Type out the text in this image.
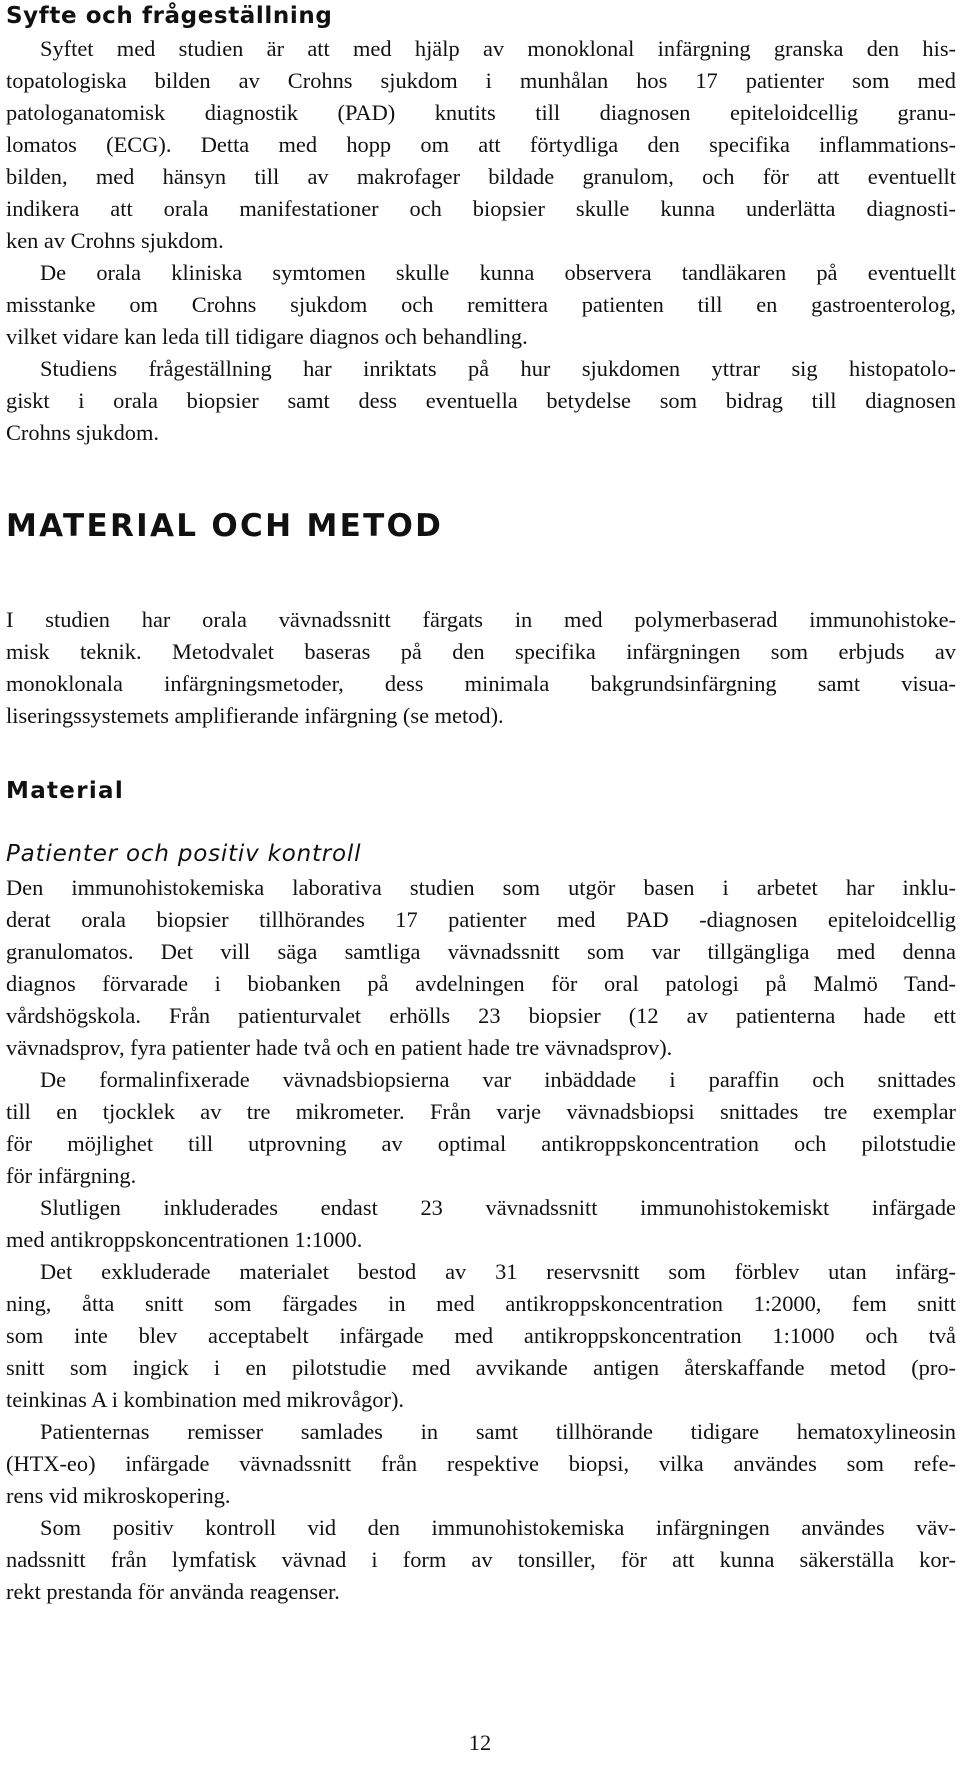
Syfte och frågeställning

Syftet med studien är att med hjälp av monoklonal infärgning granska den his-

topatologiska bilden av Crohns sjukdom i munhålan hos 17 patienter som med

patologanatomisk diagnostik (PAD) knutits till diagnosen epiteloidcellig granu-

lomatos (ECG). Detta med hopp om att förtydliga den specifika inflammations-

bilden, med hänsyn till av makrofager bildade granulom, och för att eventuellt

indikera att orala manifestationer och biopsier skulle kunna underlätta diagnosti-

ken av Crohns sjukdom.

De orala kliniska symtomen skulle kunna observera tandläkaren på eventuellt

misstanke om Crohns sjukdom och remittera patienten till en gastroenterolog,

vilket vidare kan leda till tidigare diagnos och behandling.

Studiens frågeställning har inriktats på hur sjukdomen yttrar sig histopatolo-

giskt i orala biopsier samt dess eventuella betydelse som bidrag till diagnosen

Crohns sjukdom.

MATERIAL OCH METOD

I studien har orala vävnadssnitt färgats in med polymerbaserad immunohistoke-

misk teknik. Metodvalet baseras på den specifika infärgningen som erbjuds av

monoklonala infärgningsmetoder, dess minimala bakgrundsinfärgning samt visua-

liseringssystemets amplifierande infärgning (se metod).

Material
Patienter och positiv kontroll

Den immunohistokemiska laborativa studien som utgör basen i arbetet har inklu-

derat orala biopsier tillhörandes 17 patienter med PAD -diagnosen epiteloidcellig

granulomatos. Det vill säga samtliga vävnadssnitt som var tillgängliga med denna

diagnos förvarade i biobanken på avdelningen för oral patologi på Malmö Tand-

vårdshögskola. Från patienturvalet erhölls 23 biopsier (12 av patienterna hade ett

vävnadsprov, fyra patienter hade två och en patient hade tre vävnadsprov).

De formalinfixerade vävnadsbiopsierna var inbäddade i paraffin och snittades

till en tjocklek av tre mikrometer. Från varje vävnadsbiopsi snittades tre exemplar

för möjlighet till utprovning av optimal antikroppskoncentration och pilotstudie

för infärgning.

Slutligen inkluderades endast 23 vävnadssnitt immunohistokemiskt infärgade

med antikroppskoncentrationen 1:1000.

Det exkluderade materialet bestod av 31 reservsnitt som förblev utan infärg-

ning, åtta snitt som färgades in med antikroppskoncentration 1:2000, fem snitt

som inte blev acceptabelt infärgade med antikroppskoncentration 1:1000 och två

snitt som ingick i en pilotstudie med avvikande antigen återskaffande metod (pro-

teinkinas A i kombination med mikrovågor).

Patienternas remisser samlades in samt tillhörande tidigare hematoxylineosin

(HTX-eo) infärgade vävnadssnitt från respektive biopsi, vilka användes som refe-

rens vid mikroskopering.

Som positiv kontroll vid den immunohistokemiska infärgningen användes väv-

nadssnitt från lymfatisk vävnad i form av tonsiller, för att kunna säkerställa kor-

rekt prestanda för använda reagenser.

12
